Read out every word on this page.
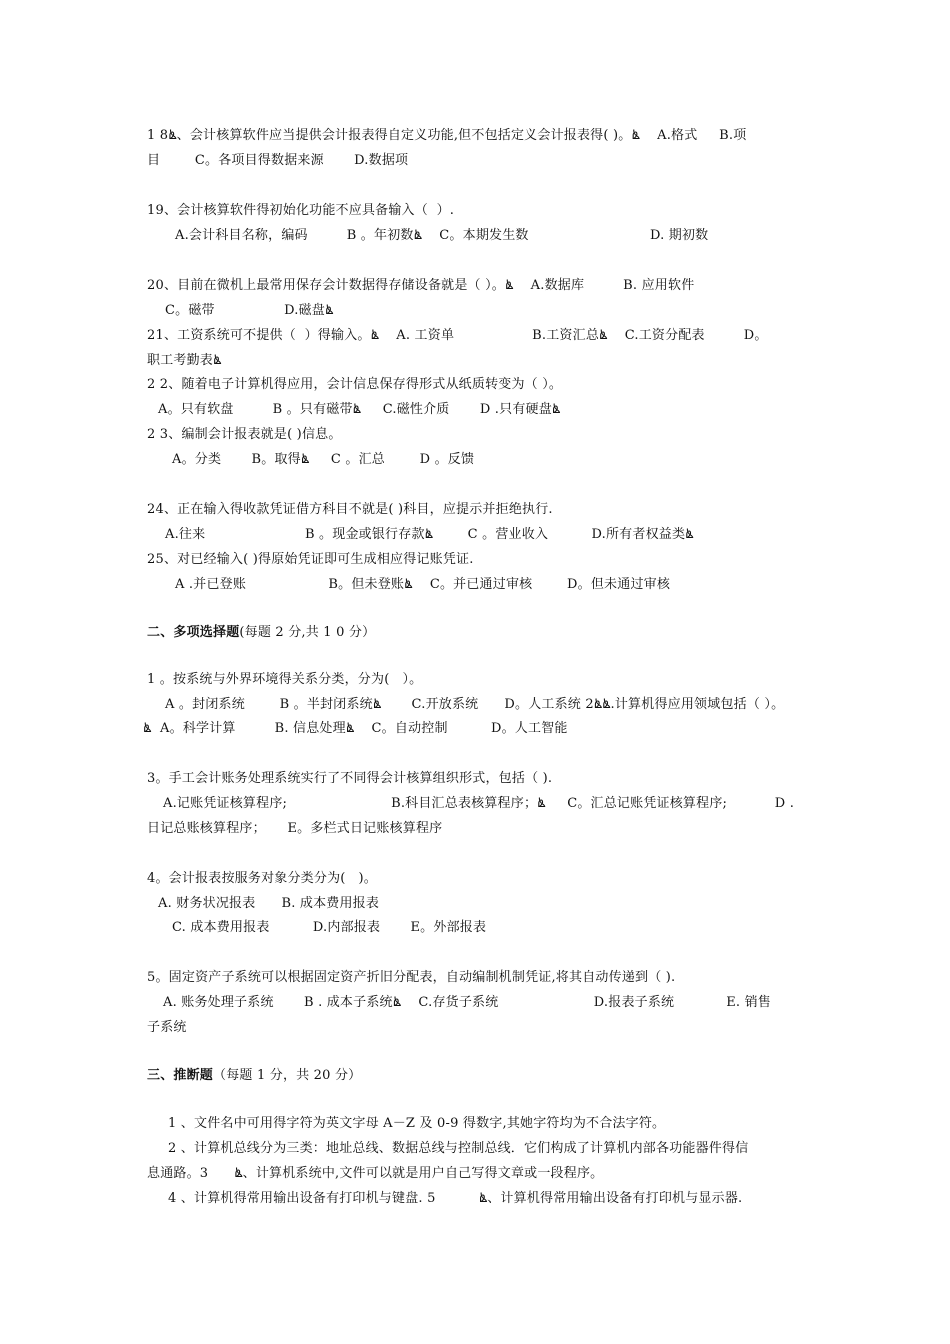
1 8ൔ、会计核算软件应当提供会计报表得自定义功能,但不包括定义会计报表得( )。ൔ    A.格式     B.项
目        C。各项目得数据来源       D.数据项
19、会计核算软件得初始化功能不应具备输入（  ）.
A.会计科目名称，编码         B 。年初数ൔ    C。本期发生数                            D. 期初数
20、目前在微机上最常用保存会计数据得存储设备就是（ ）。ൔ    A.数据库         B. 应用软件
C。磁带                D.磁盘ൔ
21、工资系统可不提供（  ）得输入。ൔ    A. 工资单                  B.工资汇总ൔ    C.工资分配表         D。
职工考勤表ൔ
2 2、随着电子计算机得应用，会计信息保存得形式从纸质转变为（ ）。
A。只有软盘         B 。只有磁带ൔ     C.磁性介质       D .只有硬盘ൔ
2 3、编制会计报表就是( )信息。
A。分类       B。取得ൔ     C 。汇总        D 。反馈
24、正在输入得收款凭证借方科目不就是( )科目，应提示并拒绝执行.
A.往来                       B 。现金或银行存款ൔ        C 。营业收入          D.所有者权益类ൔ
25、对已经输入( )得原始凭证即可生成相应得记账凭证.
A .并已登账                   B。但未登账ൔ    C。并已通过审核        D。但未通过审核
二、多项选择题(每题 2 分,共 1 0 分）
1 。按系统与外界环境得关系分类，分为(   ）。
A 。封闭系统        B 。半封闭系统ൔ       C.开放系统      D。人工系统 2ൔൔ.计算机得应用领域包括（ ）。
ൔ  A。科学计算         B. 信息处理ൔ    C。自动控制          D。人工智能
3。手工会计账务处理系统实行了不同得会计核算组织形式，包括（ ).
A.记账凭证核算程序;                        B.科目汇总表核算程序；ൔ     C。汇总记账凭证核算程序;           D .
日记总账核算程序；     E。多栏式日记账核算程序
4。会计报表按服务对象分类分为(   )。
A. 财务状况报表      B. 成本费用报表
C. 成本费用报表          D.内部报表       E。外部报表
5。固定资产子系统可以根据固定资产折旧分配表，自动编制机制凭证,将其自动传递到（ ).
A. 账务处理子系统       B . 成本子系统ൔ    C.存货子系统                      D.报表子系统            E. 销售
子系统
三、推断题（每题 1 分，共 20 分）
1 、文件名中可用得字符为英文字母 A－Z 及 0-9 得数字,其她字符均为不合法字符。
2 、计算机总线分为三类：地址总线、数据总线与控制总线．它们构成了计算机内部各功能器件得信
息通路。3      ൔ、计算机系统中,文件可以就是用户自己写得文章或一段程序。
4 、计算机得常用输出设备有打印机与键盘. 5          ൔ、计算机得常用输出设备有打印机与显示器.
